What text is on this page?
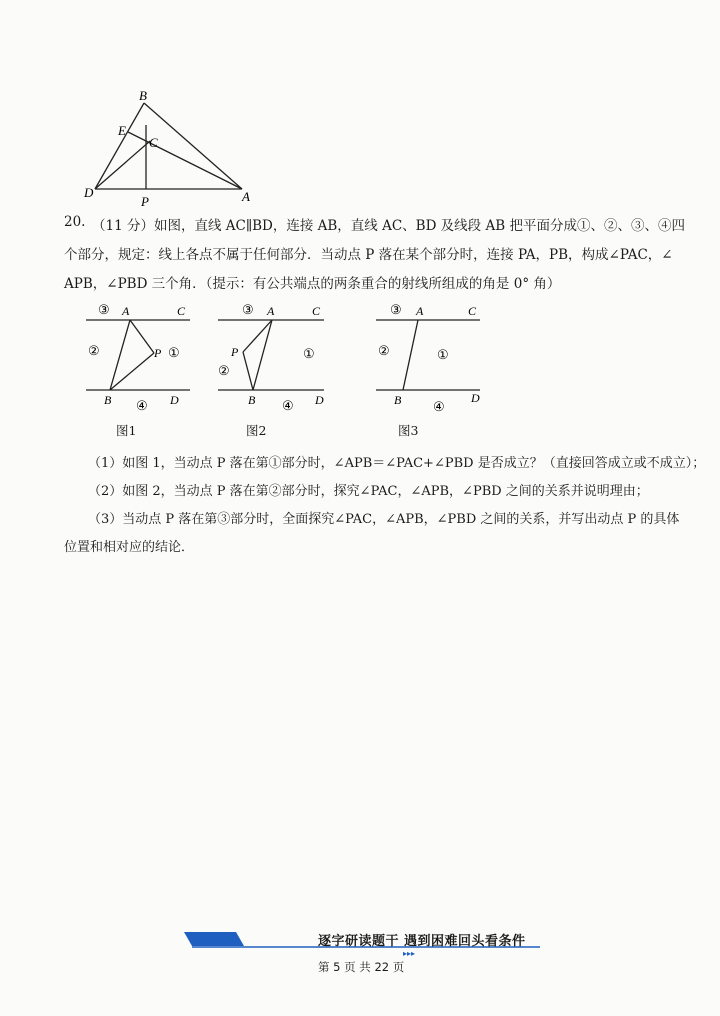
B
E
C
D
P	A
20. （11 分）如图，直线 AC∥BD，连接 AB，直线 AC、BD 及线段 AB 把平面分成①、②、③、④四
个部分，规定：线上各点不属于任何部分．当动点 P 落在某个部分时，连接 PA，PB，构成∠PAC，∠
APB，∠PBD 三个角．（提示：有公共端点的两条重合的射线所组成的角是 0° 角）
③ A	C
②	P ①
B ④ D
图1
③ A	C
P	①
②
B ④ D
图2
③ A	C
②	①
B ④
D
图3
（1）如图 1，当动点 P 落在第①部分时，∠APB＝∠PAC+∠PBD 是否成立？（直接回答成立或不成立）；
（2）如图 2，当动点 P 落在第②部分时，探究∠PAC，∠APB，∠PBD 之间的关系并说明理由；
（3）当动点 P 落在第③部分时，全面探究∠PAC，∠APB，∠PBD 之间的关系，并写出动点 P 的具体
位置和相对应的结论．
▸▸▸
逐字研读题干 遇到困难回头看条件
第 5 页 共 22 页
